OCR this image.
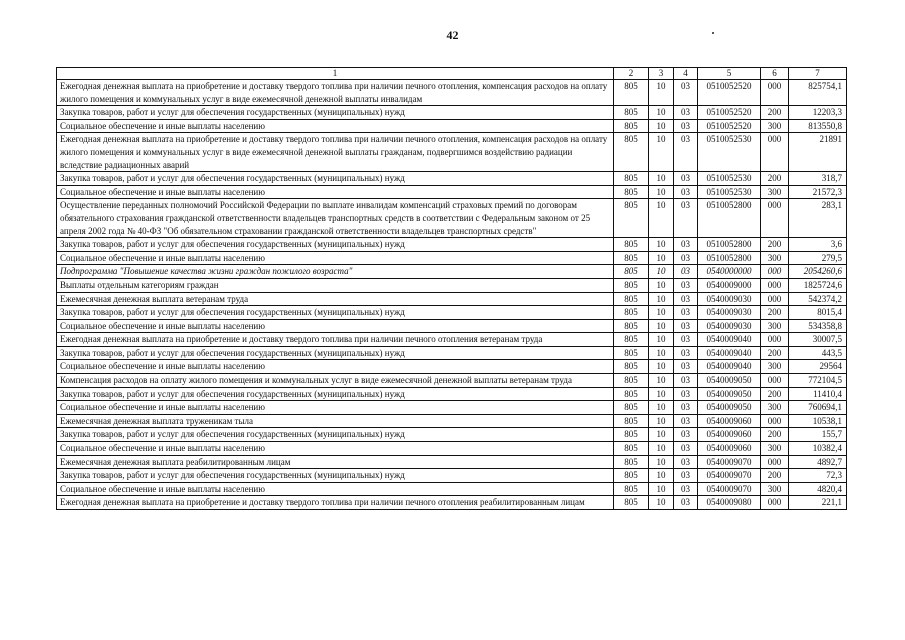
42
1	2	3	4	5	6	7
Ежегодная денежная выплата на приобретение и доставку твердого топлива при наличии печного отопления, компенсация расходов на оплату жилого помещения и коммунальных услуг в виде ежемесячной денежной выплаты инвалидам	805	10	03	0510052520	000	825754,1
Закупка товаров, работ и услуг для обеспечения государственных (муниципальных) нужд	805	10	03	0510052520	200	12203,3
Социальное обеспечение и иные выплаты населению	805	10	03	0510052520	300	813550,8
Ежегодная денежная выплата на приобретение и доставку твердого топлива при наличии печного отопления, компенсация расходов на оплату жилого помещения и коммунальных услуг в виде ежемесячной денежной выплаты гражданам, подвергшимся воздействию радиации вследствие радиационных аварий	805	10	03	0510052530	000	21891
Закупка товаров, работ и услуг для обеспечения государственных (муниципальных) нужд	805	10	03	0510052530	200	318,7
Социальное обеспечение и иные выплаты населению	805	10	03	0510052530	300	21572,3
Осуществление переданных полномочий Российской Федерации по выплате инвалидам компенсаций страховых премий по договорам обязательного страхования гражданской ответственности владельцев транспортных средств в соответствии с Федеральным законом от 25 апреля 2002 года № 40-ФЗ "Об обязательном страховании гражданской ответственности владельцев транспортных средств"	805	10	03	0510052800	000	283,1
Закупка товаров, работ и услуг для обеспечения государственных (муниципальных) нужд	805	10	03	0510052800	200	3,6
Социальное обеспечение и иные выплаты населению	805	10	03	0510052800	300	279,5
Подпрограмма "Повышение качества жизни граждан пожилого возраста"	805	10	03	0540000000	000	2054260,6
Выплаты отдельным категориям граждан	805	10	03	0540009000	000	1825724,6
Ежемесячная денежная выплата ветеранам труда	805	10	03	0540009030	000	542374,2
Закупка товаров, работ и услуг для обеспечения государственных (муниципальных) нужд	805	10	03	0540009030	200	8015,4
Социальное обеспечение и иные выплаты населению	805	10	03	0540009030	300	534358,8
Ежегодная денежная выплата на приобретение и доставку твердого топлива при наличии печного отопления ветеранам труда	805	10	03	0540009040	000	30007,5
Закупка товаров, работ и услуг для обеспечения государственных (муниципальных) нужд	805	10	03	0540009040	200	443,5
Социальное обеспечение и иные выплаты населению	805	10	03	0540009040	300	29564
Компенсация расходов на оплату жилого помещения и коммунальных услуг в виде ежемесячной денежной выплаты ветеранам труда	805	10	03	0540009050	000	772104,5
Закупка товаров, работ и услуг для обеспечения государственных (муниципальных) нужд	805	10	03	0540009050	200	11410,4
Социальное обеспечение и иные выплаты населению	805	10	03	0540009050	300	760694,1
Ежемесячная денежная выплата труженикам тыла	805	10	03	0540009060	000	10538,1
Закупка товаров, работ и услуг для обеспечения государственных (муниципальных) нужд	805	10	03	0540009060	200	155,7
Социальное обеспечение и иные выплаты населению	805	10	03	0540009060	300	10382,4
Ежемесячная денежная выплата реабилитированным лицам	805	10	03	0540009070	000	4892,7
Закупка товаров, работ и услуг для обеспечения государственных (муниципальных) нужд	805	10	03	0540009070	200	72,3
Социальное обеспечение и иные выплаты населению	805	10	03	0540009070	300	4820,4
Ежегодная денежная выплата на приобретение и доставку твердого топлива при наличии печного отопления реабилитированным лицам	805	10	03	0540009080	000	221,1
